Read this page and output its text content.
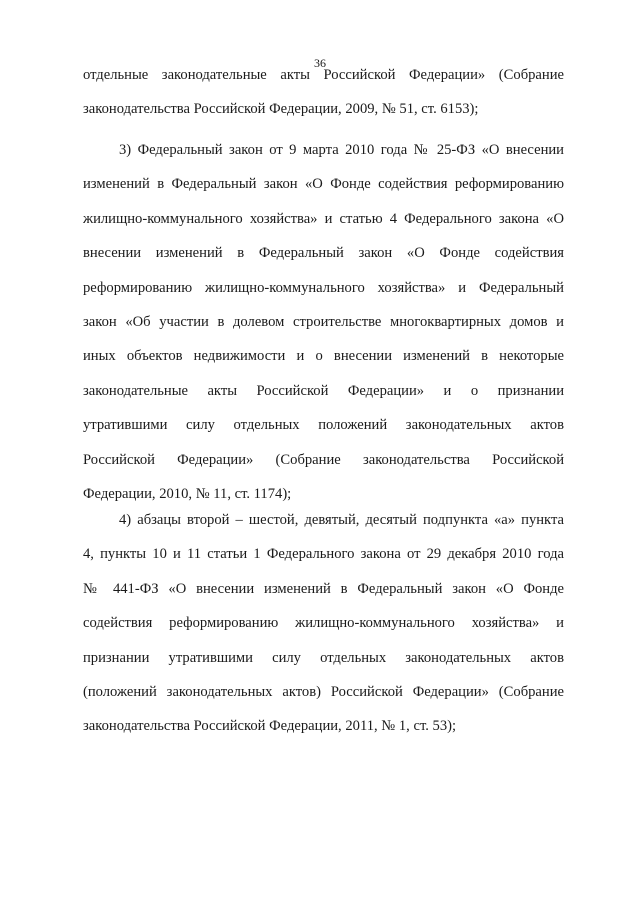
36
отдельные законодательные акты Российской Федерации» (Собрание
законодательства Российской Федерации, 2009, № 51, ст. 6153);
3) Федеральный закон от 9 марта 2010 года № 25-ФЗ «О внесении
изменений в Федеральный закон «О Фонде содействия реформированию
жилищно-коммунального хозяйства» и статью 4 Федерального закона «О
внесении изменений в Федеральный закон «О Фонде содействия
реформированию жилищно-коммунального хозяйства» и Федеральный
закон «Об участии в долевом строительстве многоквартирных домов и
иных объектов недвижимости и о внесении изменений в некоторые
законодательные акты Российской Федерации» и о признании
утратившими силу отдельных положений законодательных актов
Российской Федерации» (Собрание законодательства Российской
Федерации, 2010, № 11, ст. 1174);
4) абзацы второй – шестой, девятый, десятый подпункта «а» пункта
4, пункты 10 и 11 статьи 1 Федерального закона от 29 декабря 2010 года
№ 441-ФЗ «О внесении изменений в Федеральный закон «О Фонде
содействия реформированию жилищно-коммунального хозяйства» и
признании утратившими силу отдельных законодательных актов
(положений законодательных актов) Российской Федерации» (Собрание
законодательства Российской Федерации, 2011, № 1, ст. 53);
